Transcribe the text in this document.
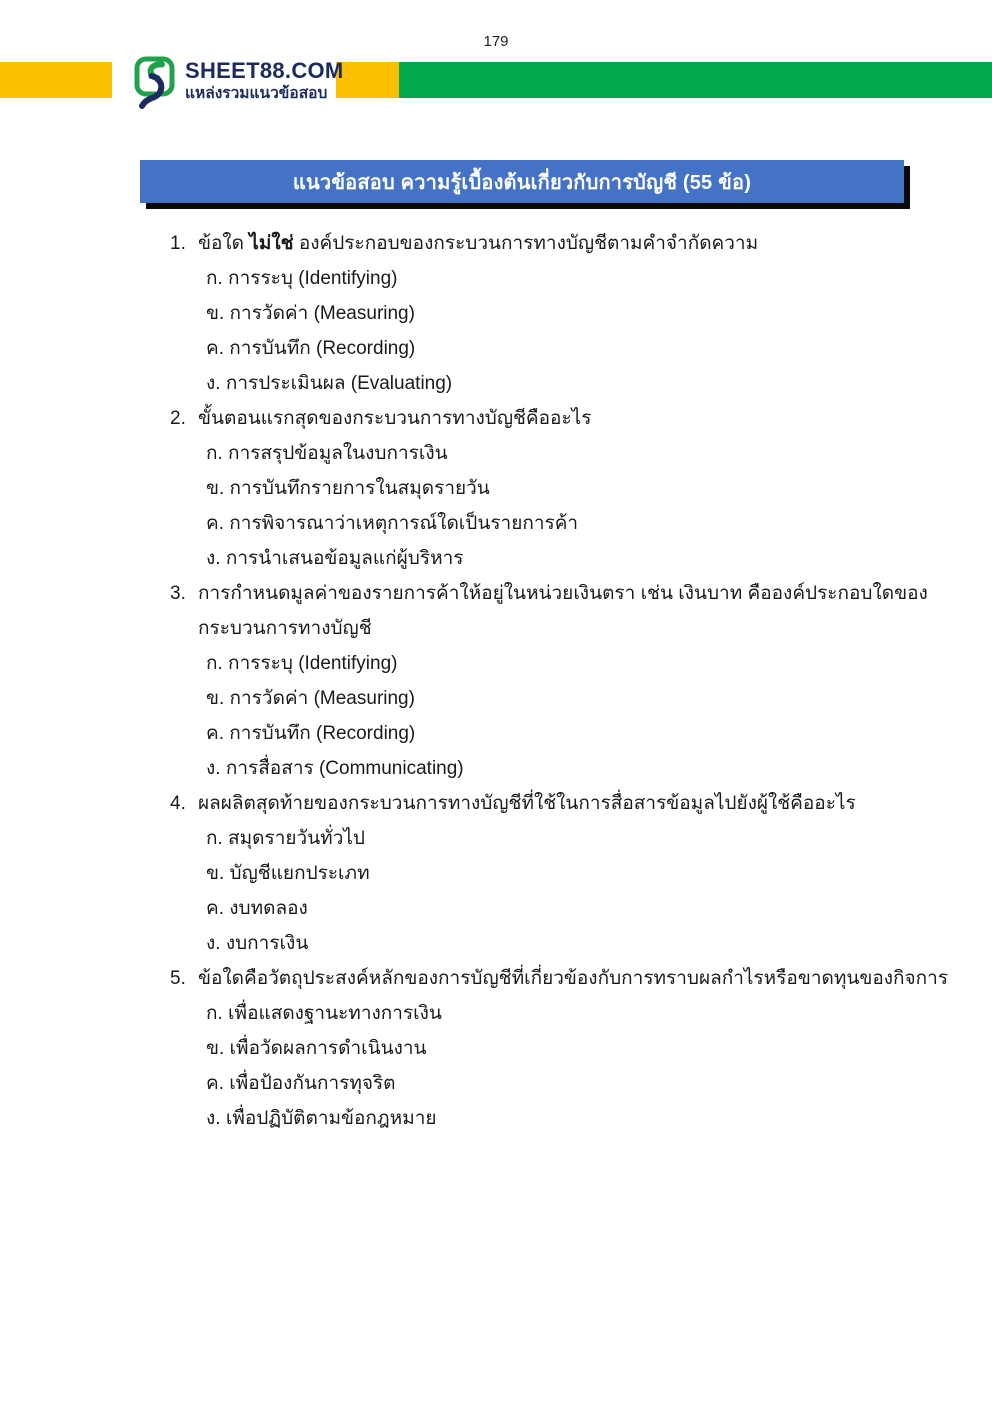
179
SHEET88.COM
แหล่งรวมแนวข้อสอบ
แนวข้อสอบ ความรู้เบื้องต้นเกี่ยวกับการบัญชี (55 ข้อ)
1. ข้อใด ไม่ใช่ องค์ประกอบของกระบวนการทางบัญชีตามคำจำกัดความ
ก. การระบุ (Identifying)
ข. การวัดค่า (Measuring)
ค. การบันทึก (Recording)
ง. การประเมินผล (Evaluating)
2. ขั้นตอนแรกสุดของกระบวนการทางบัญชีคืออะไร
ก. การสรุปข้อมูลในงบการเงิน
ข. การบันทึกรายการในสมุดรายวัน
ค. การพิจารณาว่าเหตุการณ์ใดเป็นรายการค้า
ง. การนำเสนอข้อมูลแก่ผู้บริหาร
3. การกำหนดมูลค่าของรายการค้าให้อยู่ในหน่วยเงินตรา เช่น เงินบาท คือองค์ประกอบใดของ
กระบวนการทางบัญชี
ก. การระบุ (Identifying)
ข. การวัดค่า (Measuring)
ค. การบันทึก (Recording)
ง. การสื่อสาร (Communicating)
4. ผลผลิตสุดท้ายของกระบวนการทางบัญชีที่ใช้ในการสื่อสารข้อมูลไปยังผู้ใช้คืออะไร
ก. สมุดรายวันทั่วไป
ข. บัญชีแยกประเภท
ค. งบทดลอง
ง. งบการเงิน
5. ข้อใดคือวัตถุประสงค์หลักของการบัญชีที่เกี่ยวข้องกับการทราบผลกำไรหรือขาดทุนของกิจการ
ก. เพื่อแสดงฐานะทางการเงิน
ข. เพื่อวัดผลการดำเนินงาน
ค. เพื่อป้องกันการทุจริต
ง. เพื่อปฏิบัติตามข้อกฎหมาย
